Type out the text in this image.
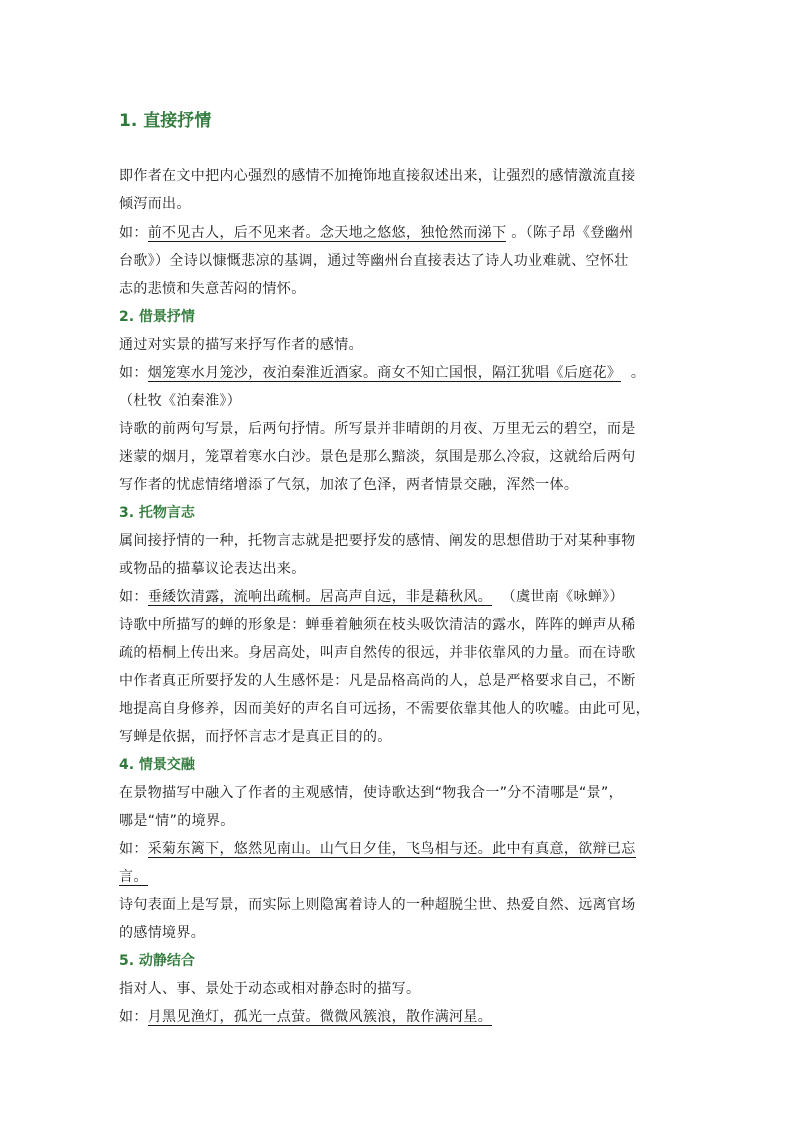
1. 直接抒情
即作者在文中把内心强烈的感情不加掩饰地直接叙述出来，让强烈的感情激流直接
倾泻而出。
如：前不见古人，后不见来者。念天地之悠悠，独怆然而涕下 。（陈子昂《登幽州
台歌》）全诗以慷慨悲凉的基调，通过等幽州台直接表达了诗人功业难就、空怀壮
志的悲愤和失意苦闷的情怀。
2. 借景抒情
通过对实景的描写来抒写作者的感情。
如：烟笼寒水月笼沙，夜泊秦淮近酒家。商女不知亡国恨，隔江犹唱《后庭花》 。
（杜牧《泊秦淮》）
诗歌的前两句写景，后两句抒情。所写景并非晴朗的月夜、万里无云的碧空，而是
迷蒙的烟月，笼罩着寒水白沙。景色是那么黯淡，氛围是那么冷寂，这就给后两句
写作者的忧虑情绪增添了气氛，加浓了色泽，两者情景交融，浑然一体。
3. 托物言志
属间接抒情的一种，托物言志就是把要抒发的感情、阐发的思想借助于对某种事物
或物品的描摹议论表达出来。
如：垂緌饮清露，流响出疏桐。居高声自远，非是藉秋风。 （虞世南《咏蝉》）
诗歌中所描写的蝉的形象是：蝉垂着触须在枝头吸饮清洁的露水，阵阵的蝉声从稀
疏的梧桐上传出来。身居高处，叫声自然传的很远，并非依靠风的力量。而在诗歌
中作者真正所要抒发的人生感怀是：凡是品格高尚的人，总是严格要求自己，不断
地提高自身修养，因而美好的声名自可远扬，不需要依靠其他人的吹嘘。由此可见，
写蝉是依据，而抒怀言志才是真正目的的。
4. 情景交融
在景物描写中融入了作者的主观感情，使诗歌达到“物我合一”分不清哪是“景”，
哪是“情”的境界。
如：采菊东篱下，悠然见南山。山气日夕佳，飞鸟相与还。此中有真意，欲辩已忘
言。
诗句表面上是写景，而实际上则隐寓着诗人的一种超脱尘世、热爱自然、远离官场
的感情境界。
5. 动静结合
指对人、事、景处于动态或相对静态时的描写。
如：月黑见渔灯，孤光一点萤。微微风簇浪，散作满河星。
